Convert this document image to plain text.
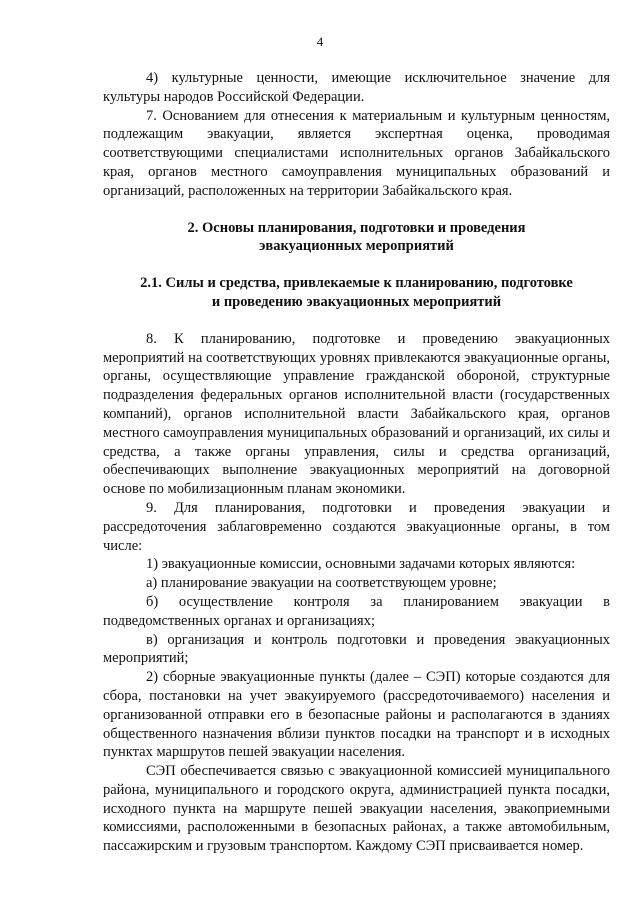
4

4) культурные ценности, имеющие исключительное значение для культуры народов Российской Федерации.

7. Основанием для отнесения к материальным и культурным ценностям, подлежащим эвакуации, является экспертная оценка, проводимая соответствующими специалистами исполнительных органов Забайкальского края, органов местного самоуправления муниципальных образований и организаций, расположенных на территории Забайкальского края.

2. Основы планирования, подготовки и проведения
эвакуационных мероприятий
2.1. Силы и средства, привлекаемые к планированию, подготовке
и проведению эвакуационных мероприятий

8. К планированию, подготовке и проведению эвакуационных мероприятий на соответствующих уровнях привлекаются эвакуационные органы, органы, осуществляющие управление гражданской обороной, структурные подразделения федеральных органов исполнительной власти (государственных компаний), органов исполнительной власти Забайкальского края, органов местного самоуправления муниципальных образований и организаций, их силы и средства, а также органы управления, силы и средства организаций, обеспечивающих выполнение эвакуационных мероприятий на договорной основе по мобилизационным планам экономики.

9. Для планирования, подготовки и проведения эвакуации и рассредоточения заблаговременно создаются эвакуационные органы, в том числе:

1) эвакуационные комиссии, основными задачами которых являются:

а) планирование эвакуации на соответствующем уровне;

б) осуществление контроля за планированием эвакуации в подведомственных органах и организациях;

в) организация и контроль подготовки и проведения эвакуационных мероприятий;

2) сборные эвакуационные пункты (далее – СЭП) которые создаются для сбора, постановки на учет эвакуируемого (рассредоточиваемого) населения и организованной отправки его в безопасные районы и располагаются в зданиях общественного назначения вблизи пунктов посадки на транспорт и в исходных пунктах маршрутов пешей эвакуации населения.

СЭП обеспечивается связью с эвакуационной комиссией муниципального района, муниципального и городского округа, администрацией пункта посадки, исходного пункта на маршруте пешей эвакуации населения, эвакоприемными комиссиями, расположенными в безопасных районах, а также автомобильным, пассажирским и грузовым транспортом. Каждому СЭП присваивается номер.
